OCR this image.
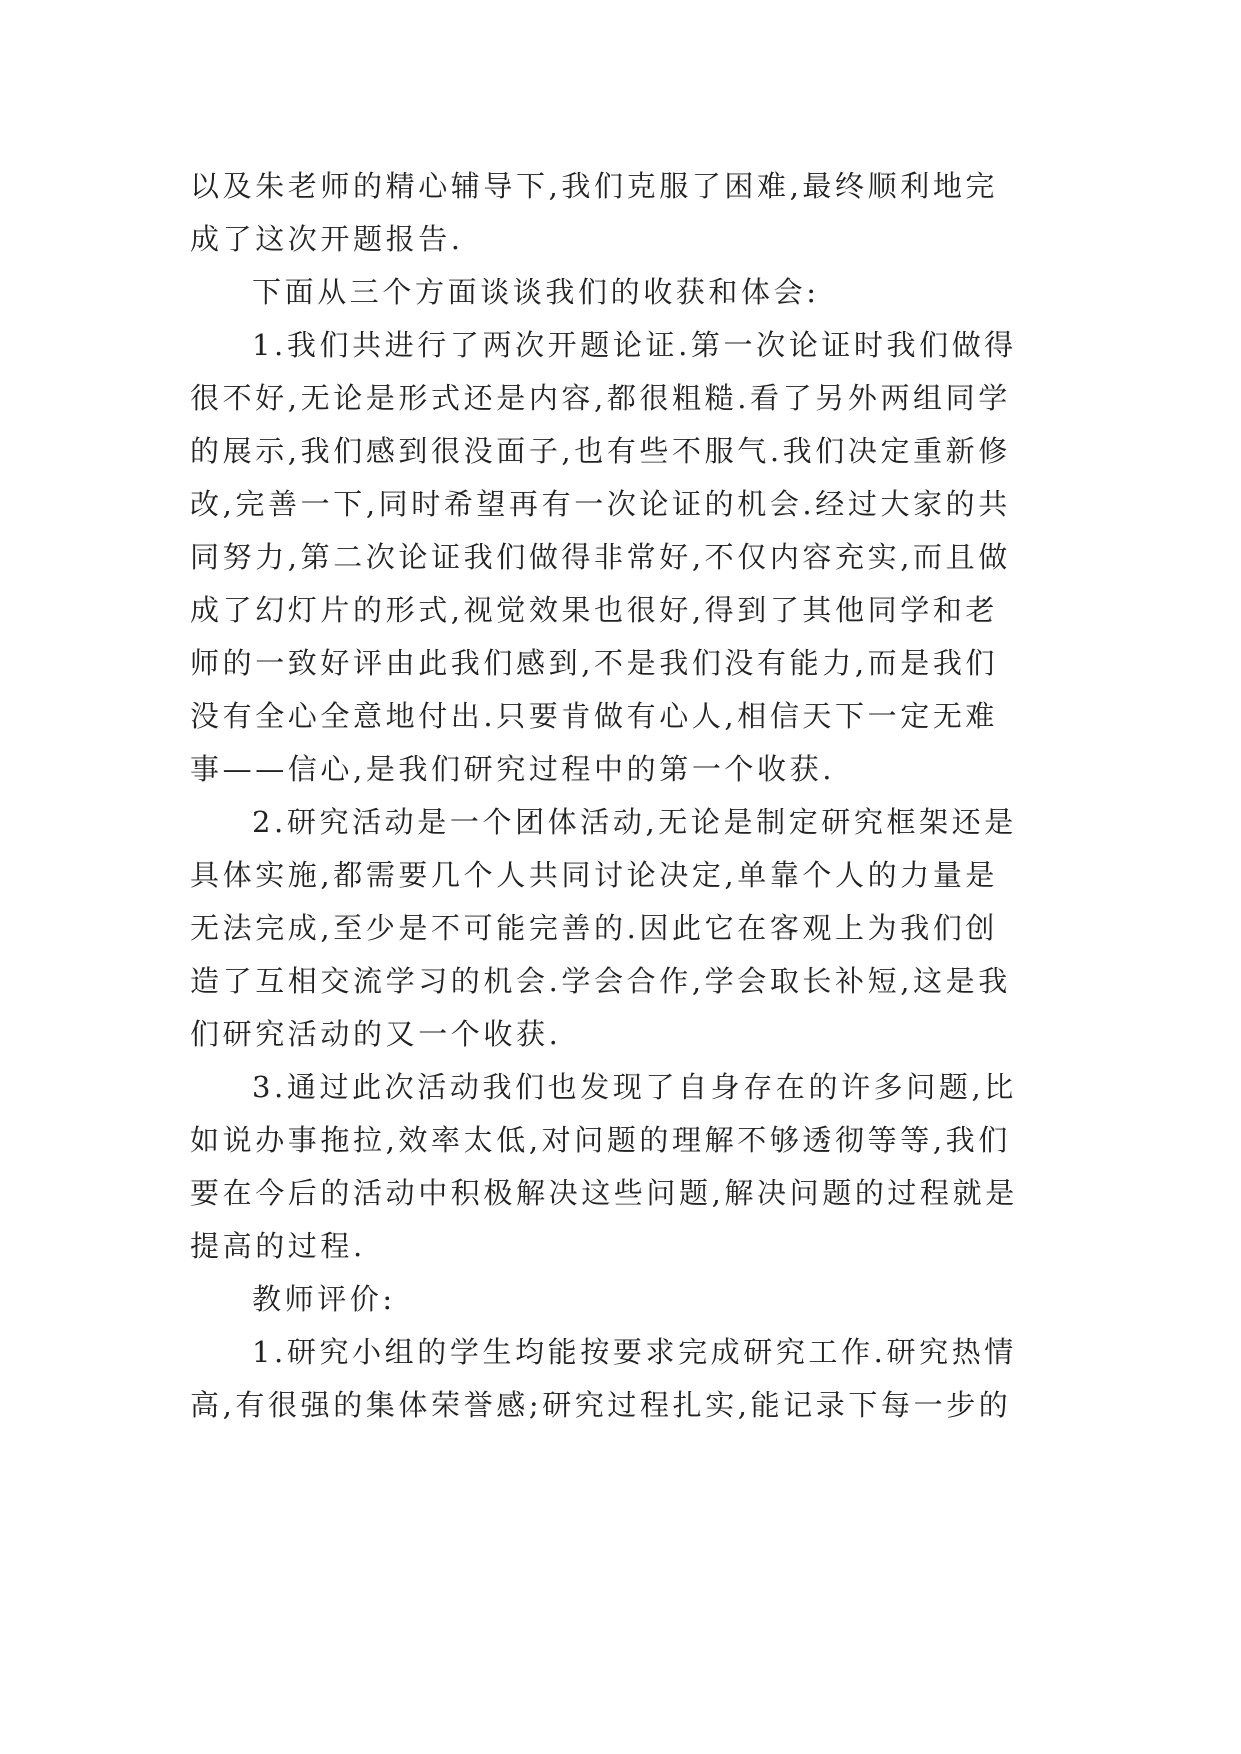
以及朱老师的精心辅导下,我们克服了困难,最终顺利地完
成了这次开题报告.
下面从三个方面谈谈我们的收获和体会:
1.我们共进行了两次开题论证.第一次论证时我们做得
很不好,无论是形式还是内容,都很粗糙.看了另外两组同学
的展示,我们感到很没面子,也有些不服气.我们决定重新修
改,完善一下,同时希望再有一次论证的机会.经过大家的共
同努力,第二次论证我们做得非常好,不仅内容充实,而且做
成了幻灯片的形式,视觉效果也很好,得到了其他同学和老
师的一致好评由此我们感到,不是我们没有能力,而是我们
没有全心全意地付出.只要肯做有心人,相信天下一定无难
事——信心,是我们研究过程中的第一个收获.
2.研究活动是一个团体活动,无论是制定研究框架还是
具体实施,都需要几个人共同讨论决定,单靠个人的力量是
无法完成,至少是不可能完善的.因此它在客观上为我们创
造了互相交流学习的机会.学会合作,学会取长补短,这是我
们研究活动的又一个收获.
3.通过此次活动我们也发现了自身存在的许多问题,比
如说办事拖拉,效率太低,对问题的理解不够透彻等等,我们
要在今后的活动中积极解决这些问题,解决问题的过程就是
提高的过程.
教师评价:
1.研究小组的学生均能按要求完成研究工作.研究热情
高,有很强的集体荣誉感;研究过程扎实,能记录下每一步的
